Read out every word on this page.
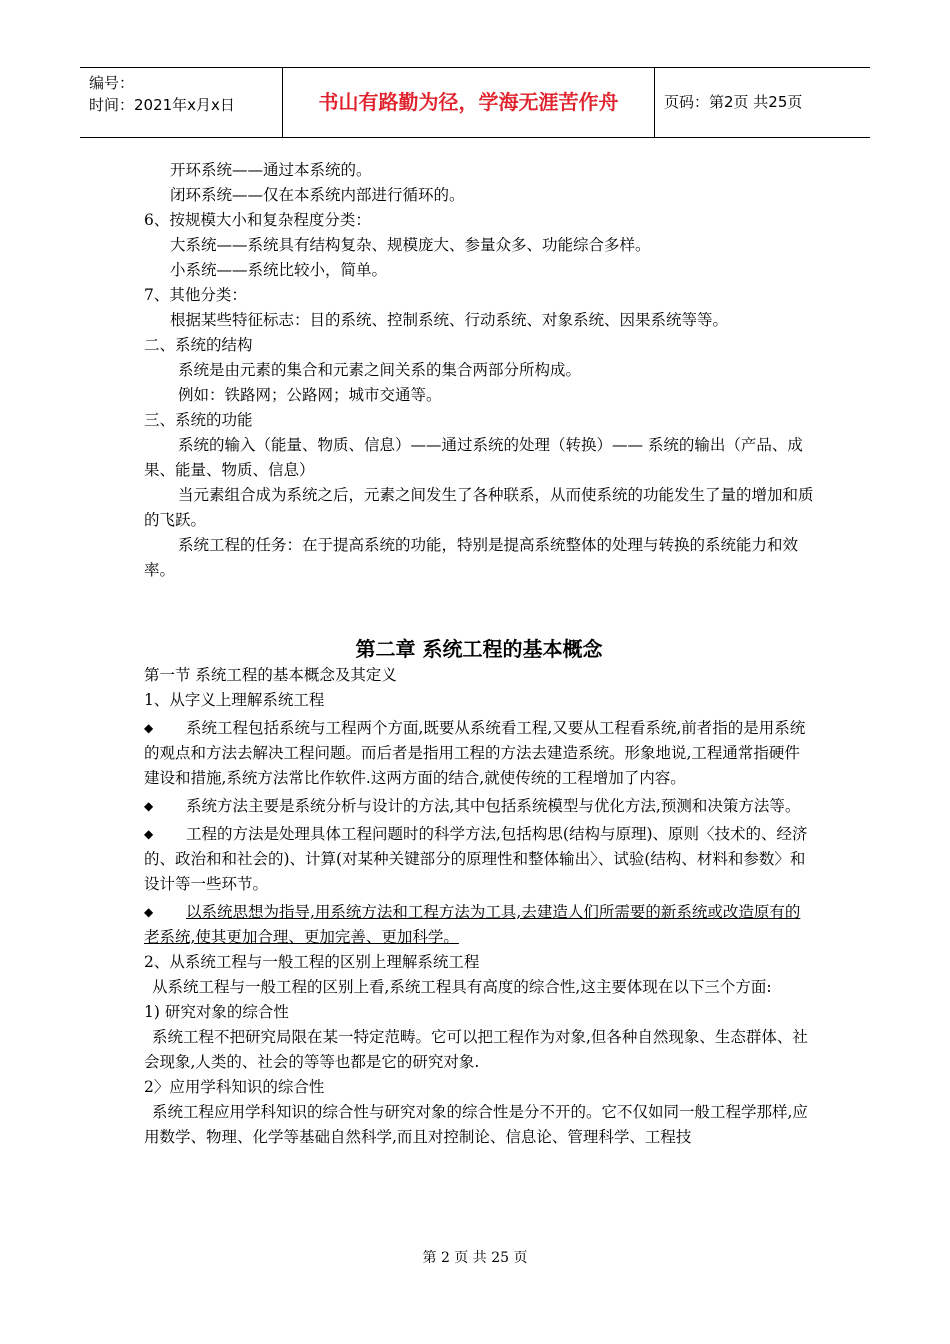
编号：
时间：2021年x月x日	书山有路勤为径，学海无涯苦作舟	页码：第2页 共25页

开环系统——通过本系统的。

闭环系统——仅在本系统内部进行循环的。

6、按规模大小和复杂程度分类：

大系统——系统具有结构复杂、规模庞大、参量众多、功能综合多样。

小系统——系统比较小，简单。

7、其他分类：

根据某些特征标志：目的系统、控制系统、行动系统、对象系统、因果系统等等。

二、系统的结构

系统是由元素的集合和元素之间关系的集合两部分所构成。

例如：铁路网；公路网；城市交通等。

三、系统的功能

系统的输入（能量、物质、信息）——通过系统的处理（转换）—— 系统的输出（产品、成果、能量、物质、信息）

当元素组合成为系统之后，元素之间发生了各种联系，从而使系统的功能发生了量的增加和质的飞跃。

系统工程的任务：在于提高系统的功能，特别是提高系统整体的处理与转换的系统能力和效率。

第二章 系统工程的基本概念

第一节 系统工程的基本概念及其定义

1、从字义上理解系统工程

◆ 系统工程包括系统与工程两个方面,既要从系统看工程,又要从工程看系统,前者指的是用系统的观点和方法去解决工程问题。而后者是指用工程的方法去建造系统。形象地说,工程通常指硬件建设和措施,系统方法常比作软件.这两方面的结合,就使传统的工程增加了内容。

◆ 系统方法主要是系统分析与设计的方法,其中包括系统模型与优化方法,预测和决策方法等。

◆ 工程的方法是处理具体工程问题时的科学方法,包括构思(结构与原理)、原则〈技术的、经济的、政治和和社会的)、计算(对某种关键部分的原理性和整体输出〉、试验(结构、材料和参数〉和设计等一些环节。

◆ 以系统思想为指导,用系统方法和工程方法为工具,去建造人们所需要的新系统或改造原有的老系统,使其更加合理、更加完善、更加科学。

2、从系统工程与一般工程的区别上理解系统工程

从系统工程与一般工程的区别上看,系统工程具有高度的综合性,这主要体现在以下三个方面:

1) 研究对象的综合性

系统工程不把研究局限在某一特定范畴。它可以把工程作为对象,但各种自然现象、生态群体、社会现象,人类的、社会的等等也都是它的研究对象.

2〉应用学科知识的综合性

系统工程应用学科知识的综合性与研究对象的综合性是分不开的。它不仅如同一般工程学那样,应用数学、物理、化学等基础自然科学,而且对控制论、信息论、管理科学、工程技

第 2 页 共 25 页
